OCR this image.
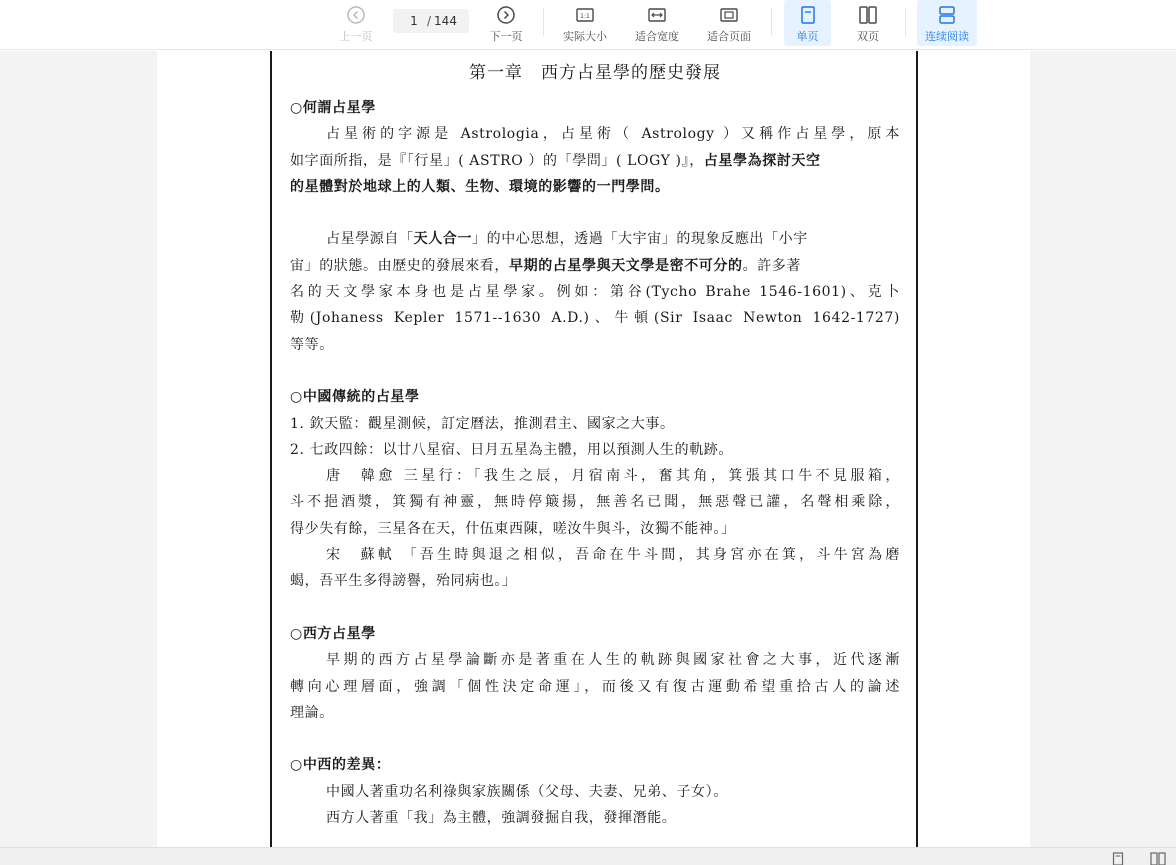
上一页
1 / 144
下一页
1:1
实际大小	适合宽度	适合页面	单页	双页	连续阅读
第一章　西方占星學的歷史發展
○何謂占星學
占星術的字源是 Astrologia，占星術（ Astrology ）又稱作占星學，原本
如字面所指，是『「行星」( ASTRO ）的「學問」( LOGY )』，占星學為探討天空
的星體對於地球上的人類、生物、環境的影響的一門學問。
占星學源自「天人合一」的中心思想，透過「大宇宙」的現象反應出「小宇
宙」的狀態。由歷史的發展來看，早期的占星學與天文學是密不可分的。許多著
名的天文學家本身也是占星學家。例如：第谷(Tycho Brahe 1546-1601)、克卜
勒(Johaness Kepler 1571--1630 A.D.)、牛頓(Sir Isaac Newton 1642-1727)
等等。
○中國傳統的占星學
1. 欽天監：觀星測候，訂定曆法，推測君主、國家之大事。
2. 七政四餘：以廿八星宿、日月五星為主體，用以預測人生的軌跡。
唐　韓愈 三星行：「我生之辰，月宿南斗，奮其角，箕張其口牛不見服箱，
斗不挹酒漿，箕獨有神靈，無時停簸揚，無善名已聞，無惡聲已讙，名聲相乘除，
得少失有餘，三星各在天，什伍東西陳，嗟汝牛與斗，汝獨不能神。」
宋　蘇軾 「吾生時與退之相似，吾命在牛斗間，其身宮亦在箕，斗牛宮為磨
蝎，吾平生多得謗譽，殆同病也。」
○西方占星學
早期的西方占星學論斷亦是著重在人生的軌跡與國家社會之大事，近代逐漸
轉向心理層面，強調「個性決定命運」，而後又有復古運動希望重拾古人的論述
理論。
○中西的差異：
中國人著重功名利祿與家族關係（父母、夫妻、兄弟、子女）。
西方人著重「我」為主體，強調發掘自我，發揮潛能。
